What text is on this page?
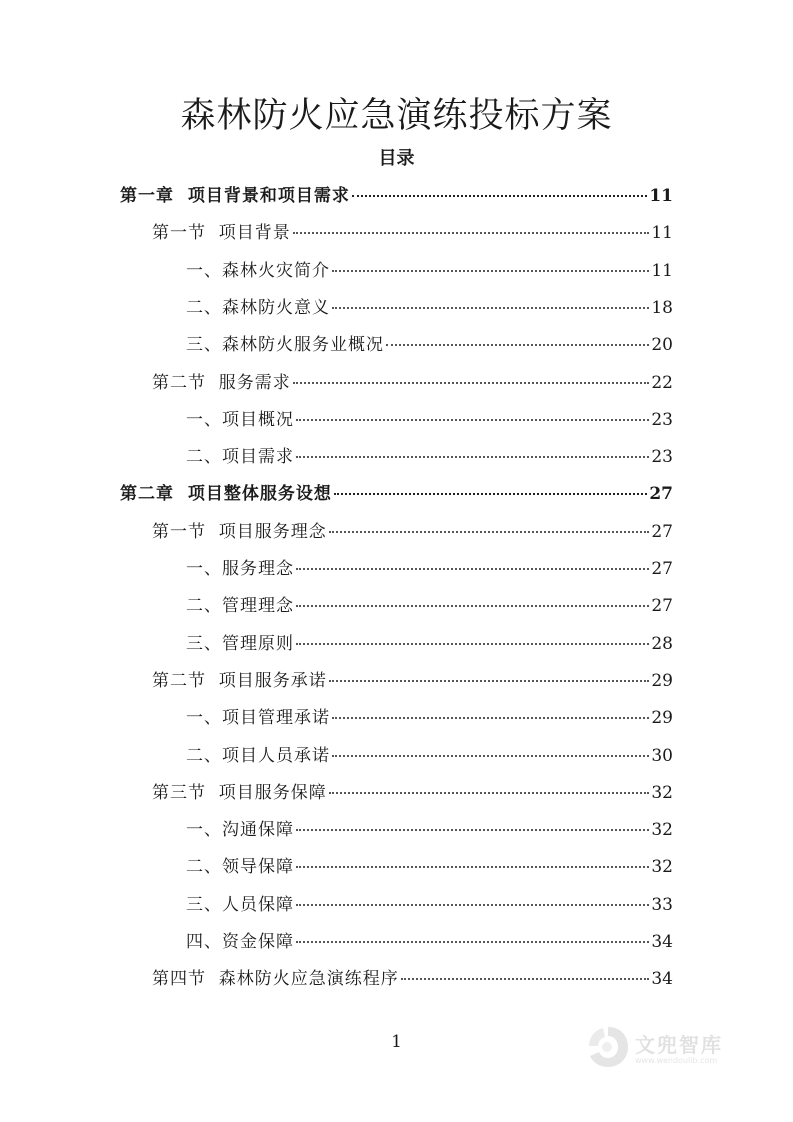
森林防火应急演练投标方案
目录
第一章  项目背景和项目需求	11
第一节  项目背景	11
一、森林火灾简介	11
二、森林防火意义	18
三、森林防火服务业概况	20
第二节  服务需求	22
一、项目概况	23
二、项目需求	23
第二章  项目整体服务设想	27
第一节  项目服务理念	27
一、服务理念	27
二、管理理念	27
三、管理原则	28
第二节  项目服务承诺	29
一、项目管理承诺	29
二、项目人员承诺	30
第三节  项目服务保障	32
一、沟通保障	32
二、领导保障	32
三、人员保障	33
四、资金保障	34
第四节  森林防火应急演练程序	34
1	文兜智库
www.wendoulib.com
